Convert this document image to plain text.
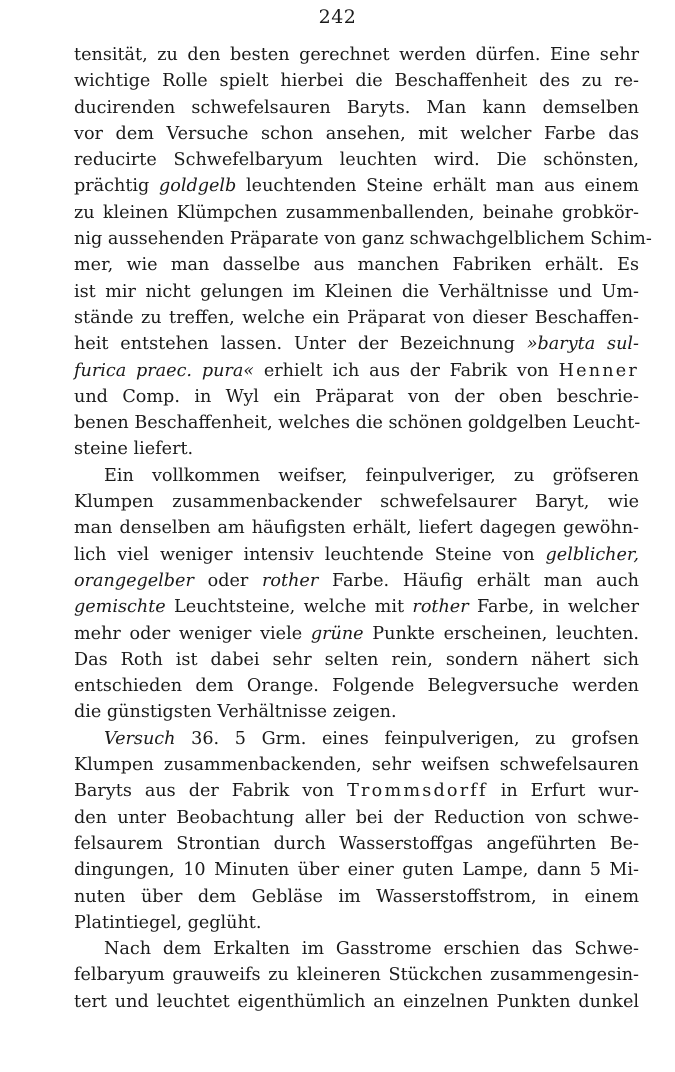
242
tensität, zu den besten gerechnet werden dürfen. Eine sehr
wichtige Rolle spielt hierbei die Beschaffenheit des zu re-
ducirenden schwefelsauren Baryts. Man kann demselben
vor dem Versuche schon ansehen, mit welcher Farbe das
reducirte Schwefelbaryum leuchten wird. Die schönsten,
prächtig goldgelb leuchtenden Steine erhält man aus einem
zu kleinen Klümpchen zusammenballenden, beinahe grobkör-
nig aussehenden Präparate von ganz schwachgelblichem Schim-
mer, wie man dasselbe aus manchen Fabriken erhält. Es
ist mir nicht gelungen im Kleinen die Verhältnisse und Um-
stände zu treffen, welche ein Präparat von dieser Beschaffen-
heit entstehen lassen. Unter der Bezeichnung »baryta sul-
furica praec. pura« erhielt ich aus der Fabrik von Henner
und Comp. in Wyl ein Präparat von der oben beschrie-
benen Beschaffenheit, welches die schönen goldgelben Leucht-
steine liefert.
Ein vollkommen weifser, feinpulveriger, zu gröfseren
Klumpen zusammenbackender schwefelsaurer Baryt, wie
man denselben am häufigsten erhält, liefert dagegen gewöhn-
lich viel weniger intensiv leuchtende Steine von gelblicher,
orangegelber oder rother Farbe. Häufig erhält man auch
gemischte Leuchtsteine, welche mit rother Farbe, in welcher
mehr oder weniger viele grüne Punkte erscheinen, leuchten.
Das Roth ist dabei sehr selten rein, sondern nähert sich
entschieden dem Orange. Folgende Belegversuche werden
die günstigsten Verhältnisse zeigen.
Versuch 36. 5 Grm. eines feinpulverigen, zu grofsen
Klumpen zusammenbackenden, sehr weifsen schwefelsauren
Baryts aus der Fabrik von Trommsdorff in Erfurt wur-
den unter Beobachtung aller bei der Reduction von schwe-
felsaurem Strontian durch Wasserstoffgas angeführten Be-
dingungen, 10 Minuten über einer guten Lampe, dann 5 Mi-
nuten über dem Gebläse im Wasserstoffstrom, in einem
Platintiegel, geglüht.
Nach dem Erkalten im Gasstrome erschien das Schwe-
felbaryum grauweifs zu kleineren Stückchen zusammengesin-
tert und leuchtet eigenthümlich an einzelnen Punkten dunkel
